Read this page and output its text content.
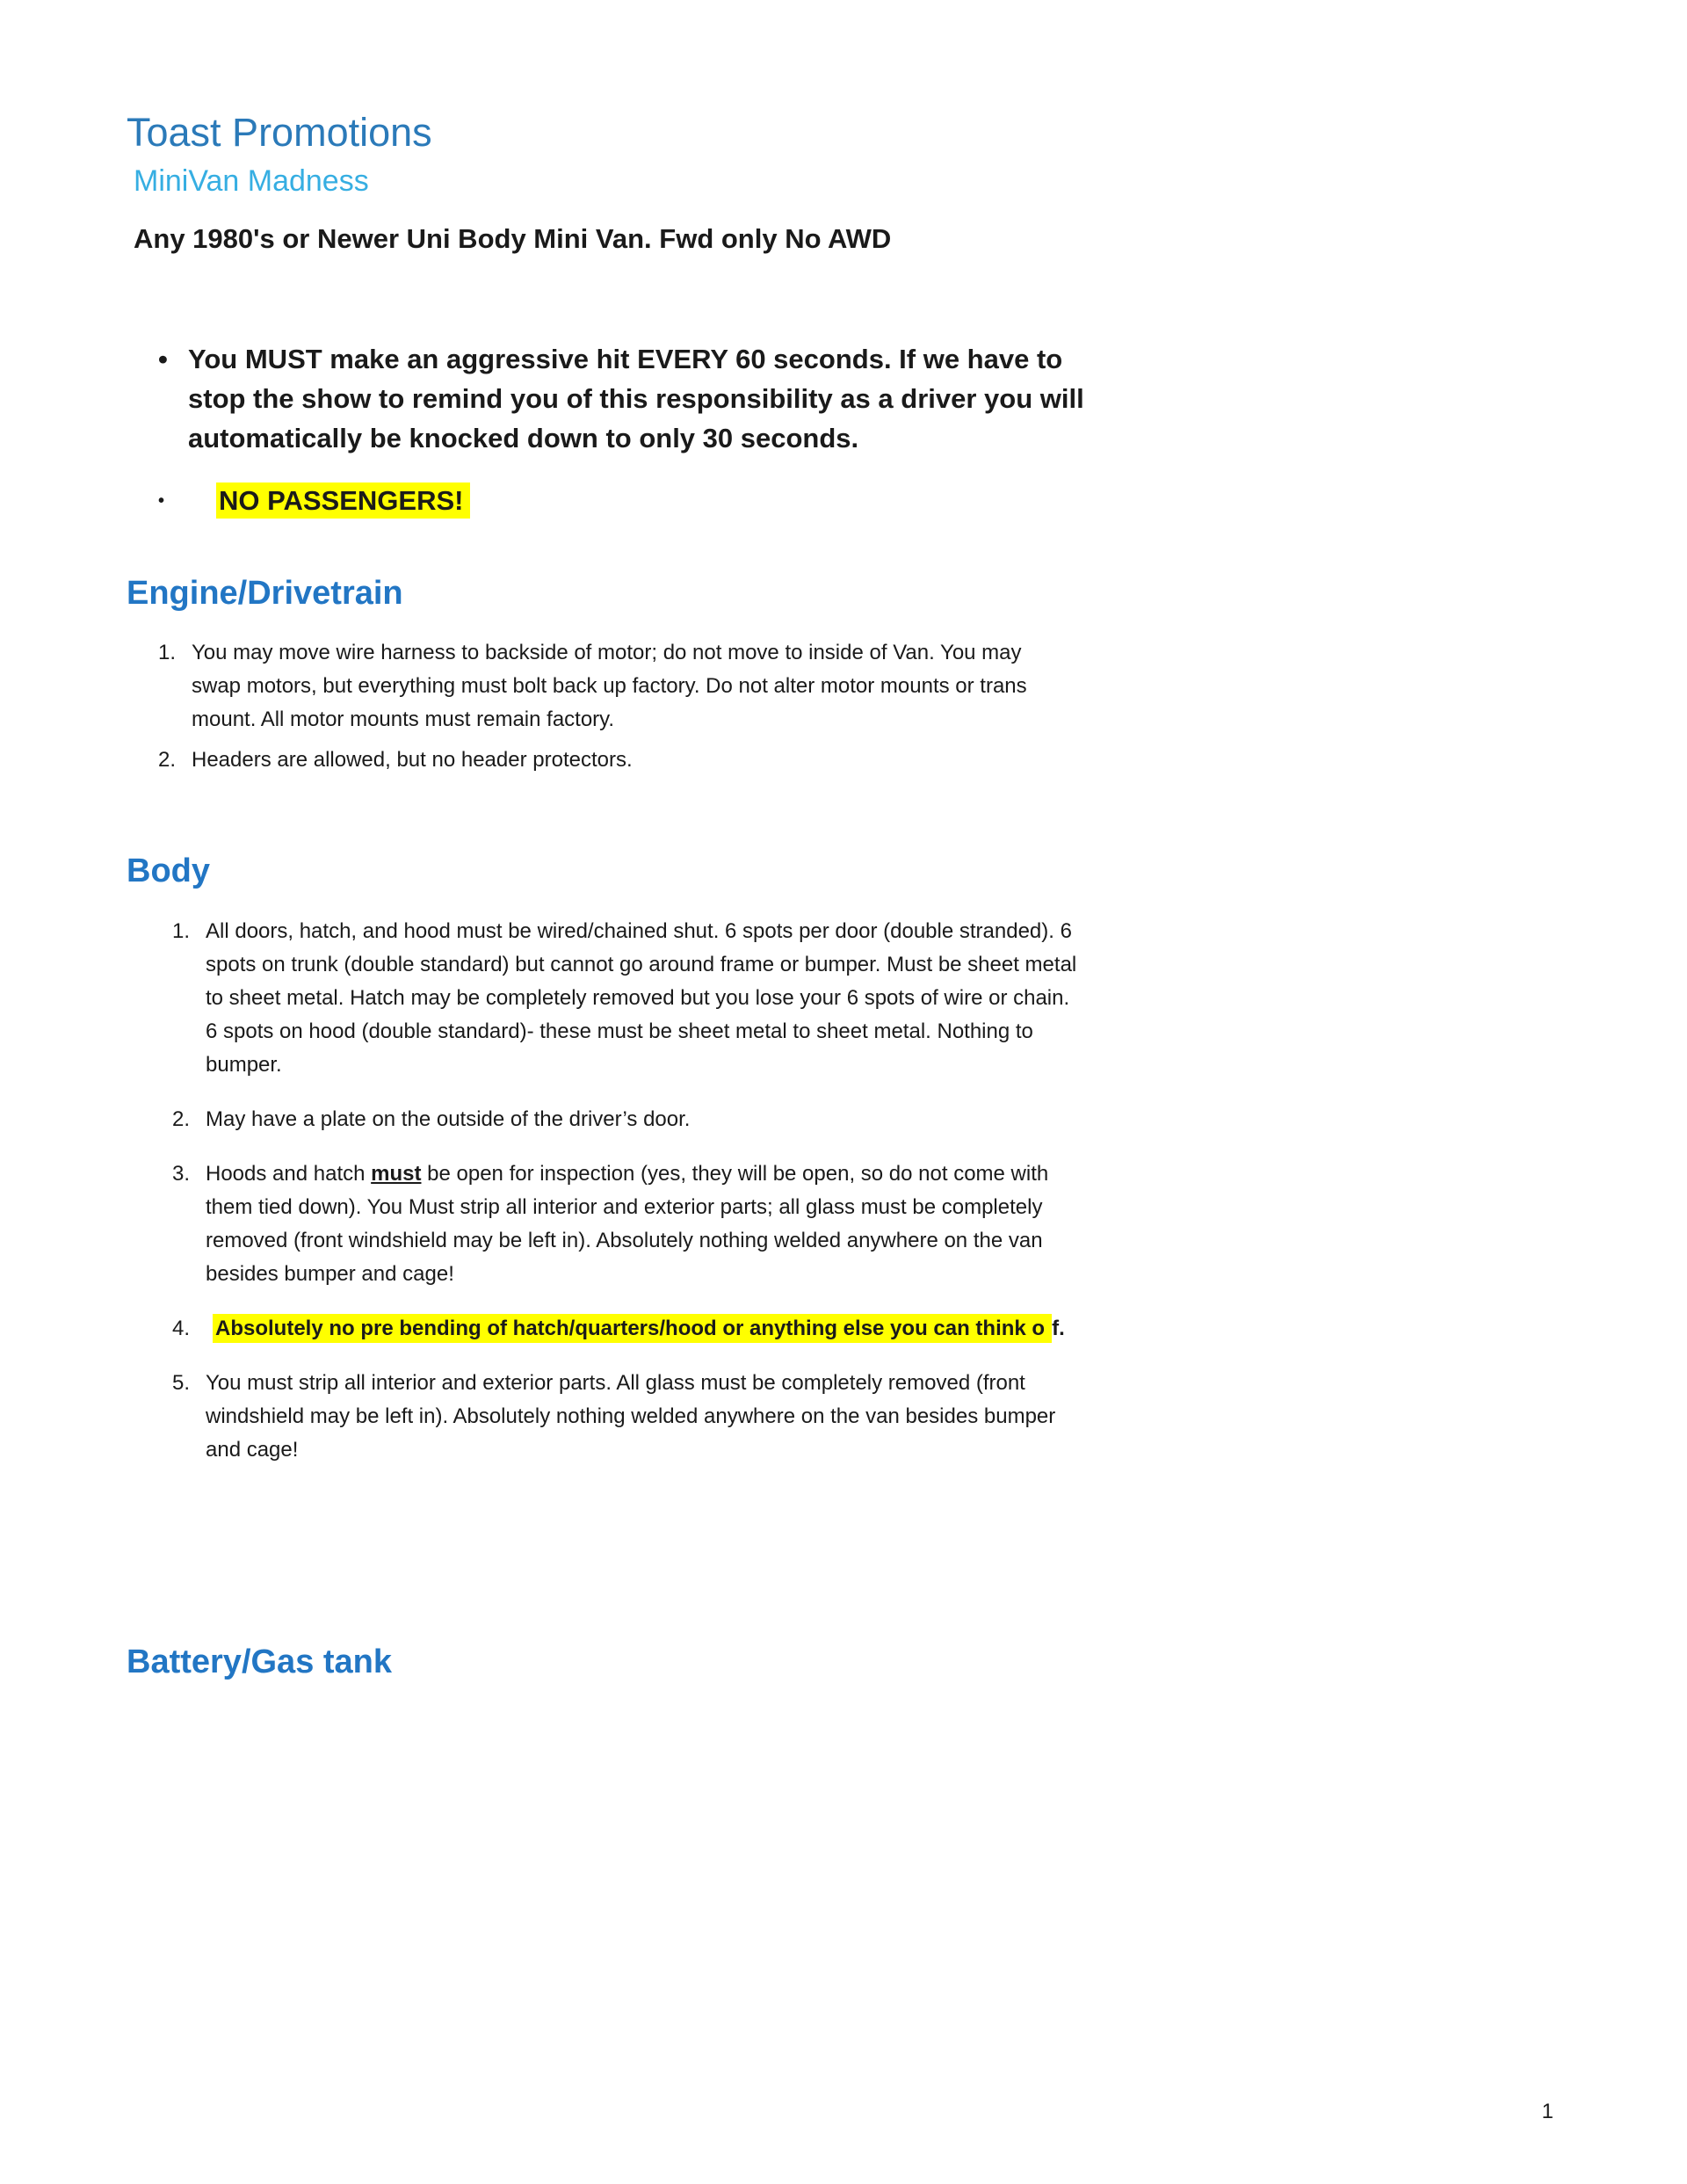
Toast Promotions
MiniVan Madness

Any 1980's or Newer Uni Body Mini Van. Fwd only No AWD

• You MUST make an aggressive hit EVERY 60 seconds. If we have to stop the show to remind you of this responsibility as a driver you will automatically be knocked down to only 30 seconds.

•	NO PASSENGERS!

Engine/Drivetrain
1. You may move wire harness to backside of motor; do not move to inside of Van. You may swap motors, but everything must bolt back up factory. Do not alter motor mounts or trans mount. All motor mounts must remain factory.

2. Headers are allowed, but no header protectors.

Body
1. All doors, hatch, and hood must be wired/chained shut. 6 spots per door (double stranded). 6 spots on trunk (double standard) but cannot go around frame or bumper. Must be sheet metal to sheet metal. Hatch may be completely removed but you lose your 6 spots of wire or chain. 6 spots on hood (double standard)- these must be sheet metal to sheet metal. Nothing to bumper.

2. May have a plate on the outside of the driver’s door.

3. Hoods and hatch must be open for inspection (yes, they will be open, so do not come with them tied down). You Must strip all interior and exterior parts; all glass must be completely removed (front windshield may be left in). Absolutely nothing welded anywhere on the van besides bumper and cage!

4.	Absolutely no pre bending of hatch/quarters/hood or anything else you can think o f.

5. You must strip all interior and exterior parts. All glass must be completely removed (front windshield may be left in). Absolutely nothing welded anywhere on the van besides bumper and cage!

Battery/Gas tank
1
